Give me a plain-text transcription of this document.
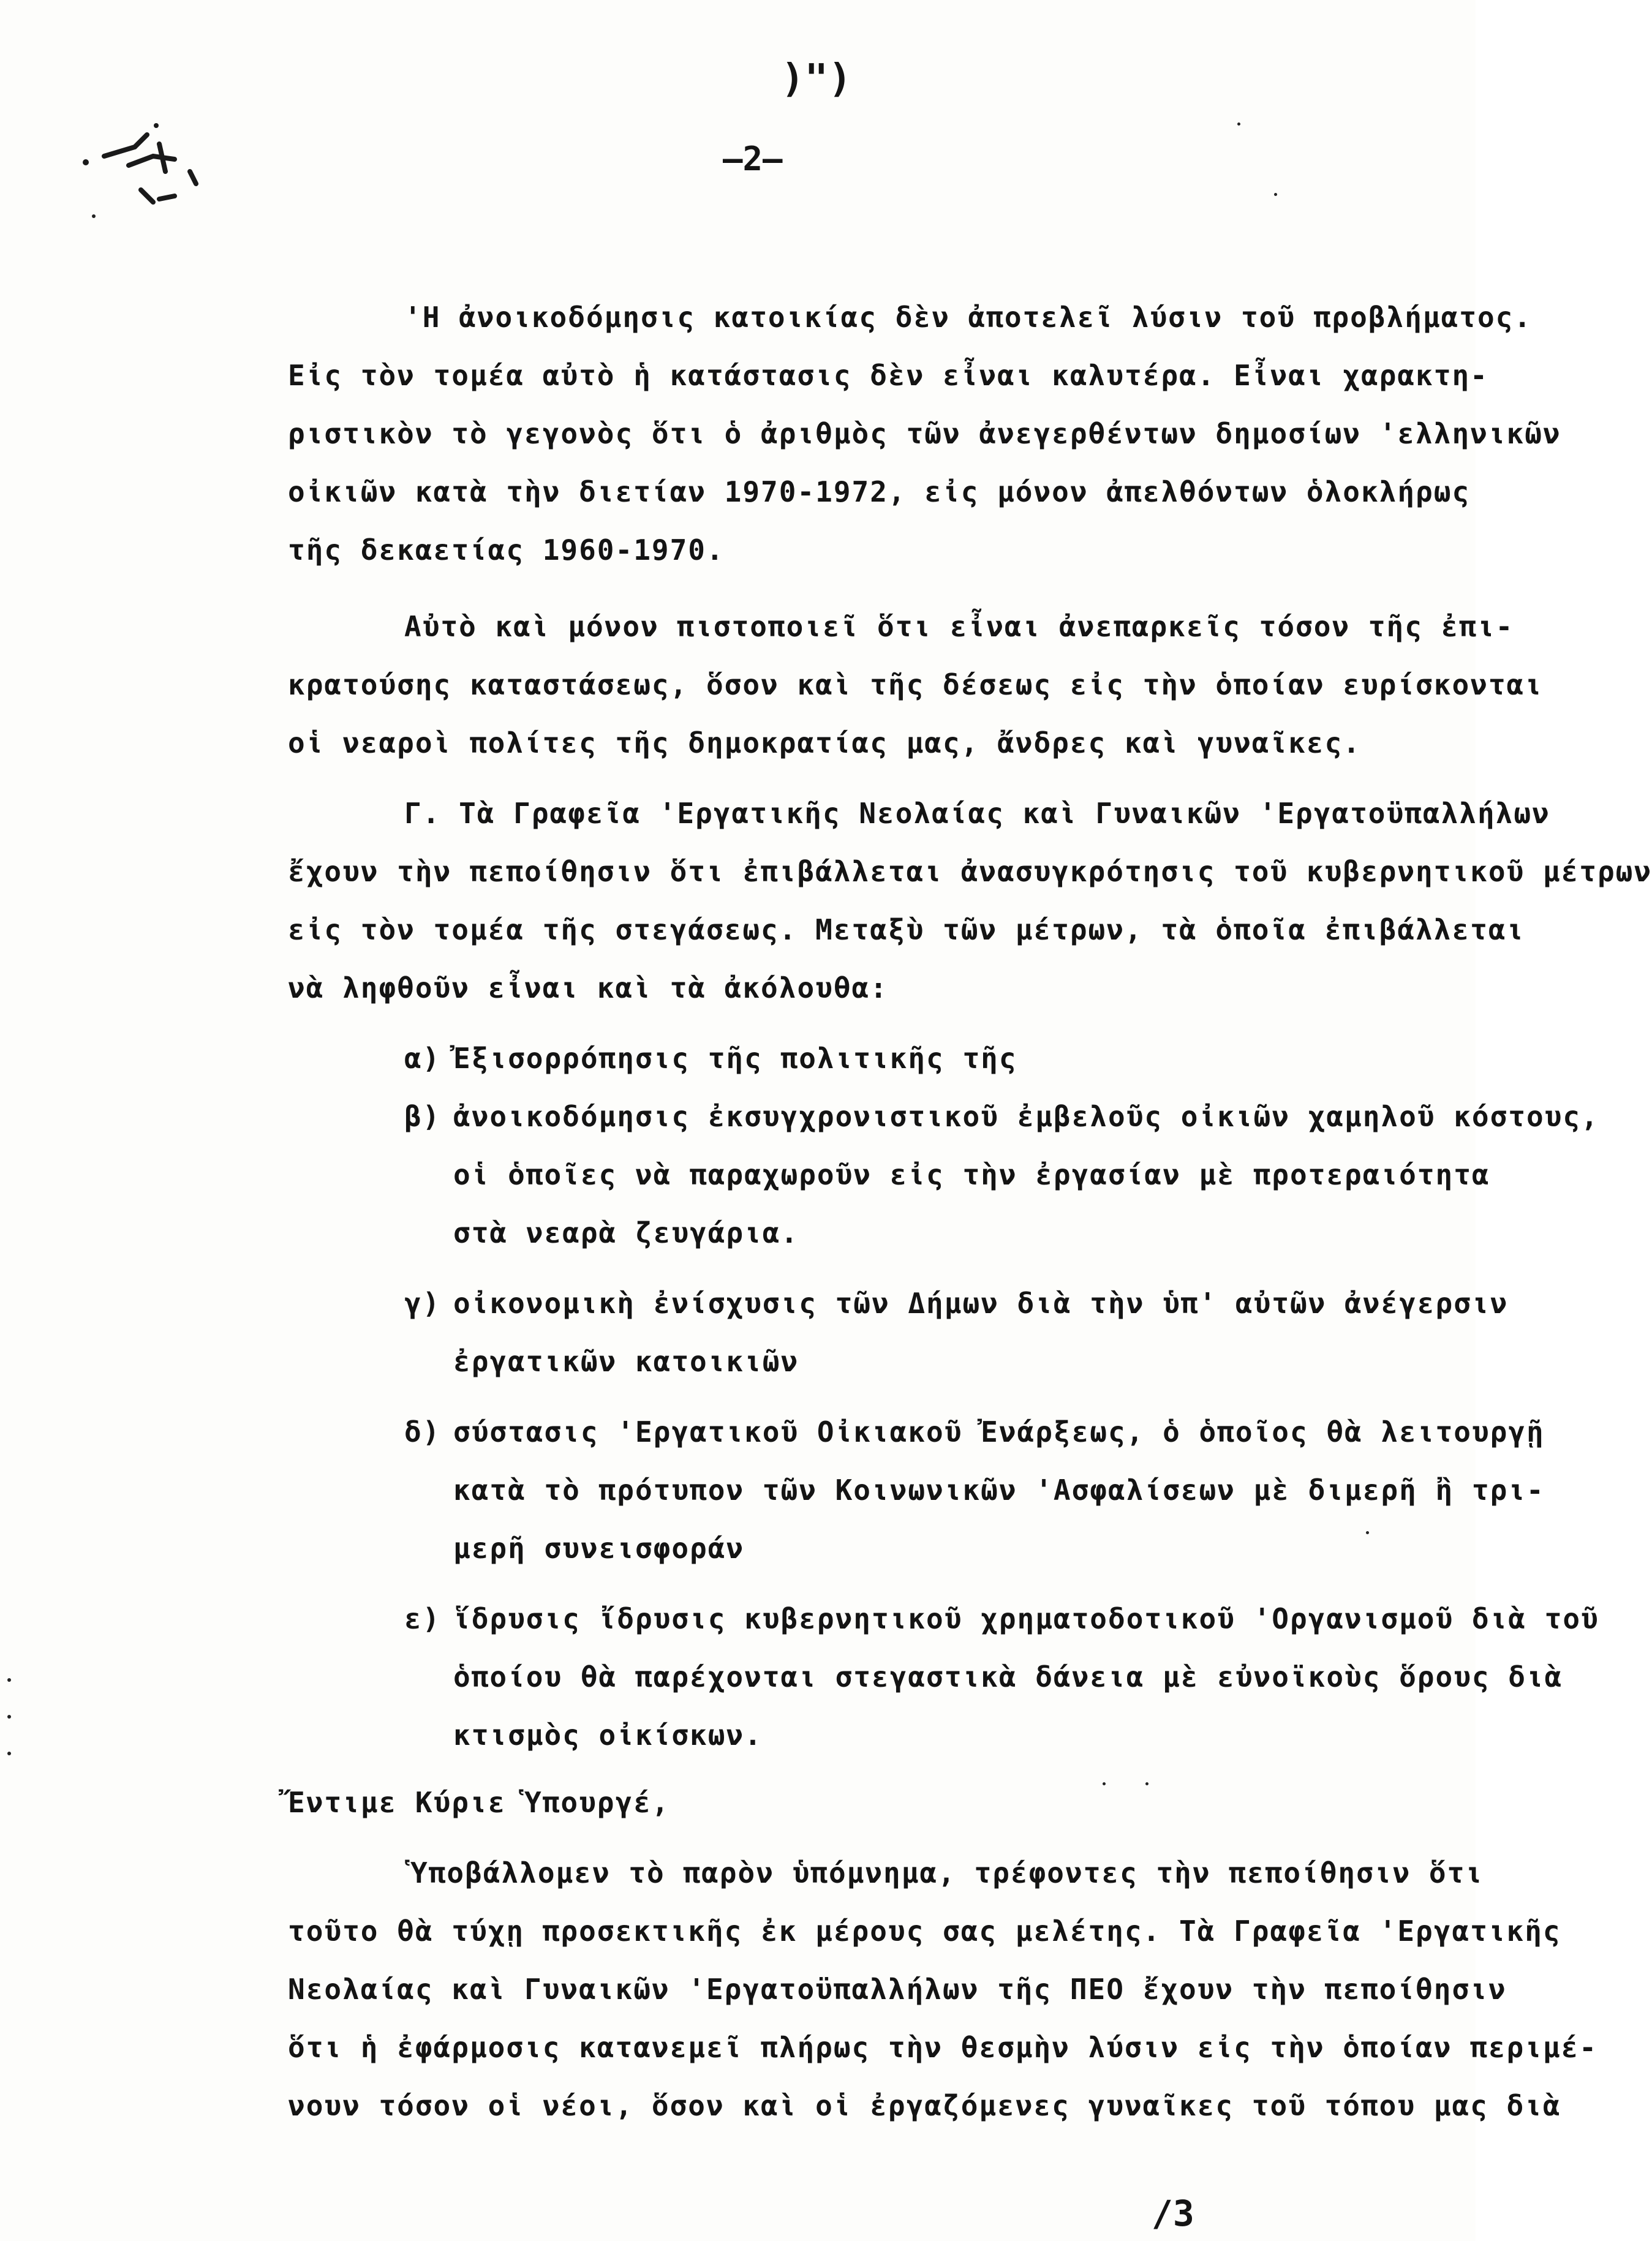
)")
—2—
'Η ἀνοικοδόμησις κατοικίας δὲν ἀποτελεῖ λύσιν τοῦ προβλήματος.
Εἰς τὸν τομέα αὐτὸ ἡ κατάστασις δὲν εἶναι καλυτέρα. Εἶναι χαρακτη-
ριστικὸν τὸ γεγονὸς ὅτι ὁ ἀριθμὸς τῶν ἀνεγερθέντων δημοσίων 'ελληνικῶν
οἰκιῶν κατὰ τὴν διετίαν 1970-1972, εἰς μόνον ἀπελθόντων ὁλοκλήρως
τῆς δεκαετίας 1960-1970.
Αὐτὸ καὶ μόνον πιστοποιεῖ ὅτι εἶναι ἀνεπαρκεῖς τόσον τῆς ἐπι-
κρατούσης καταστάσεως, ὅσον καὶ τῆς δέσεως εἰς τὴν ὁποίαν ευρίσκονται
οἱ νεαροὶ πολίτες τῆς δημοκρατίας μας, ἄνδρες καὶ γυναῖκες.
Γ. Τὰ Γραφεῖα 'Εργατικῆς Νεολαίας καὶ Γυναικῶν 'Εργατοϋπαλλήλων
ἔχουν τὴν πεποίθησιν ὅτι ἐπιβάλλεται ἀνασυγκρότησις τοῦ κυβερνητικοῦ μέτρων
εἰς τὸν τομέα τῆς στεγάσεως. Μεταξὺ τῶν μέτρων, τὰ ὁποῖα ἐπιβάλλεται
νὰ ληφθοῦν εἶναι καὶ τὰ ἀκόλουθα:
α) Ἐξισορρόπησις τῆς πολιτικῆς τῆς
β) ἀνοικοδόμησις ἐκσυγχρονιστικοῦ ἐμβελοῦς οἰκιῶν χαμηλοῦ κόστους,
οἱ ὁποῖες νὰ παραχωροῦν εἰς τὴν ἐργασίαν μὲ προτεραιότητα
στὰ νεαρὰ ζευγάρια.
γ) οἰκονομικὴ ἐνίσχυσις τῶν Δήμων διὰ τὴν ὑπ' αὐτῶν ἀνέγερσιν
ἐργατικῶν κατοικιῶν
δ) σύστασις 'Εργατικοῦ Οἰκιακοῦ Ἐνάρξεως, ὁ ὁποῖος θὰ λειτουργῇ
κατὰ τὸ πρότυπον τῶν Κοινωνικῶν 'Ασφαλίσεων μὲ διμερῆ ἢ τρι-
μερῆ συνεισφοράν
ε) ἵδρυσις ἴδρυσις κυβερνητικοῦ χρηματοδοτικοῦ 'Οργανισμοῦ διὰ τοῦ
ὁποίου θὰ παρέχονται στεγαστικὰ δάνεια μὲ εὐνοϊκοὺς ὅρους διὰ
κτισμὸς οἰκίσκων.
Ἔντιμε Κύριε Ὑπουργέ,
Ὑποβάλλομεν τὸ παρὸν ὑπόμνημα, τρέφοντες τὴν πεποίθησιν ὅτι
τοῦτο θὰ τύχῃ προσεκτικῆς ἐκ μέρους σας μελέτης. Τὰ Γραφεῖα 'Εργατικῆς
Νεολαίας καὶ Γυναικῶν 'Εργατοϋπαλλήλων τῆς ΠΕΟ ἔχουν τὴν πεποίθησιν
ὅτι ἡ ἐφάρμοσις κατανεμεῖ πλήρως τὴν θεσμὴν λύσιν εἰς τὴν ὁποίαν περιμέ-
νουν τόσον οἱ νέοι, ὅσον καὶ οἱ ἐργαζόμενες γυναῖκες τοῦ τόπου μας διὰ
/3
